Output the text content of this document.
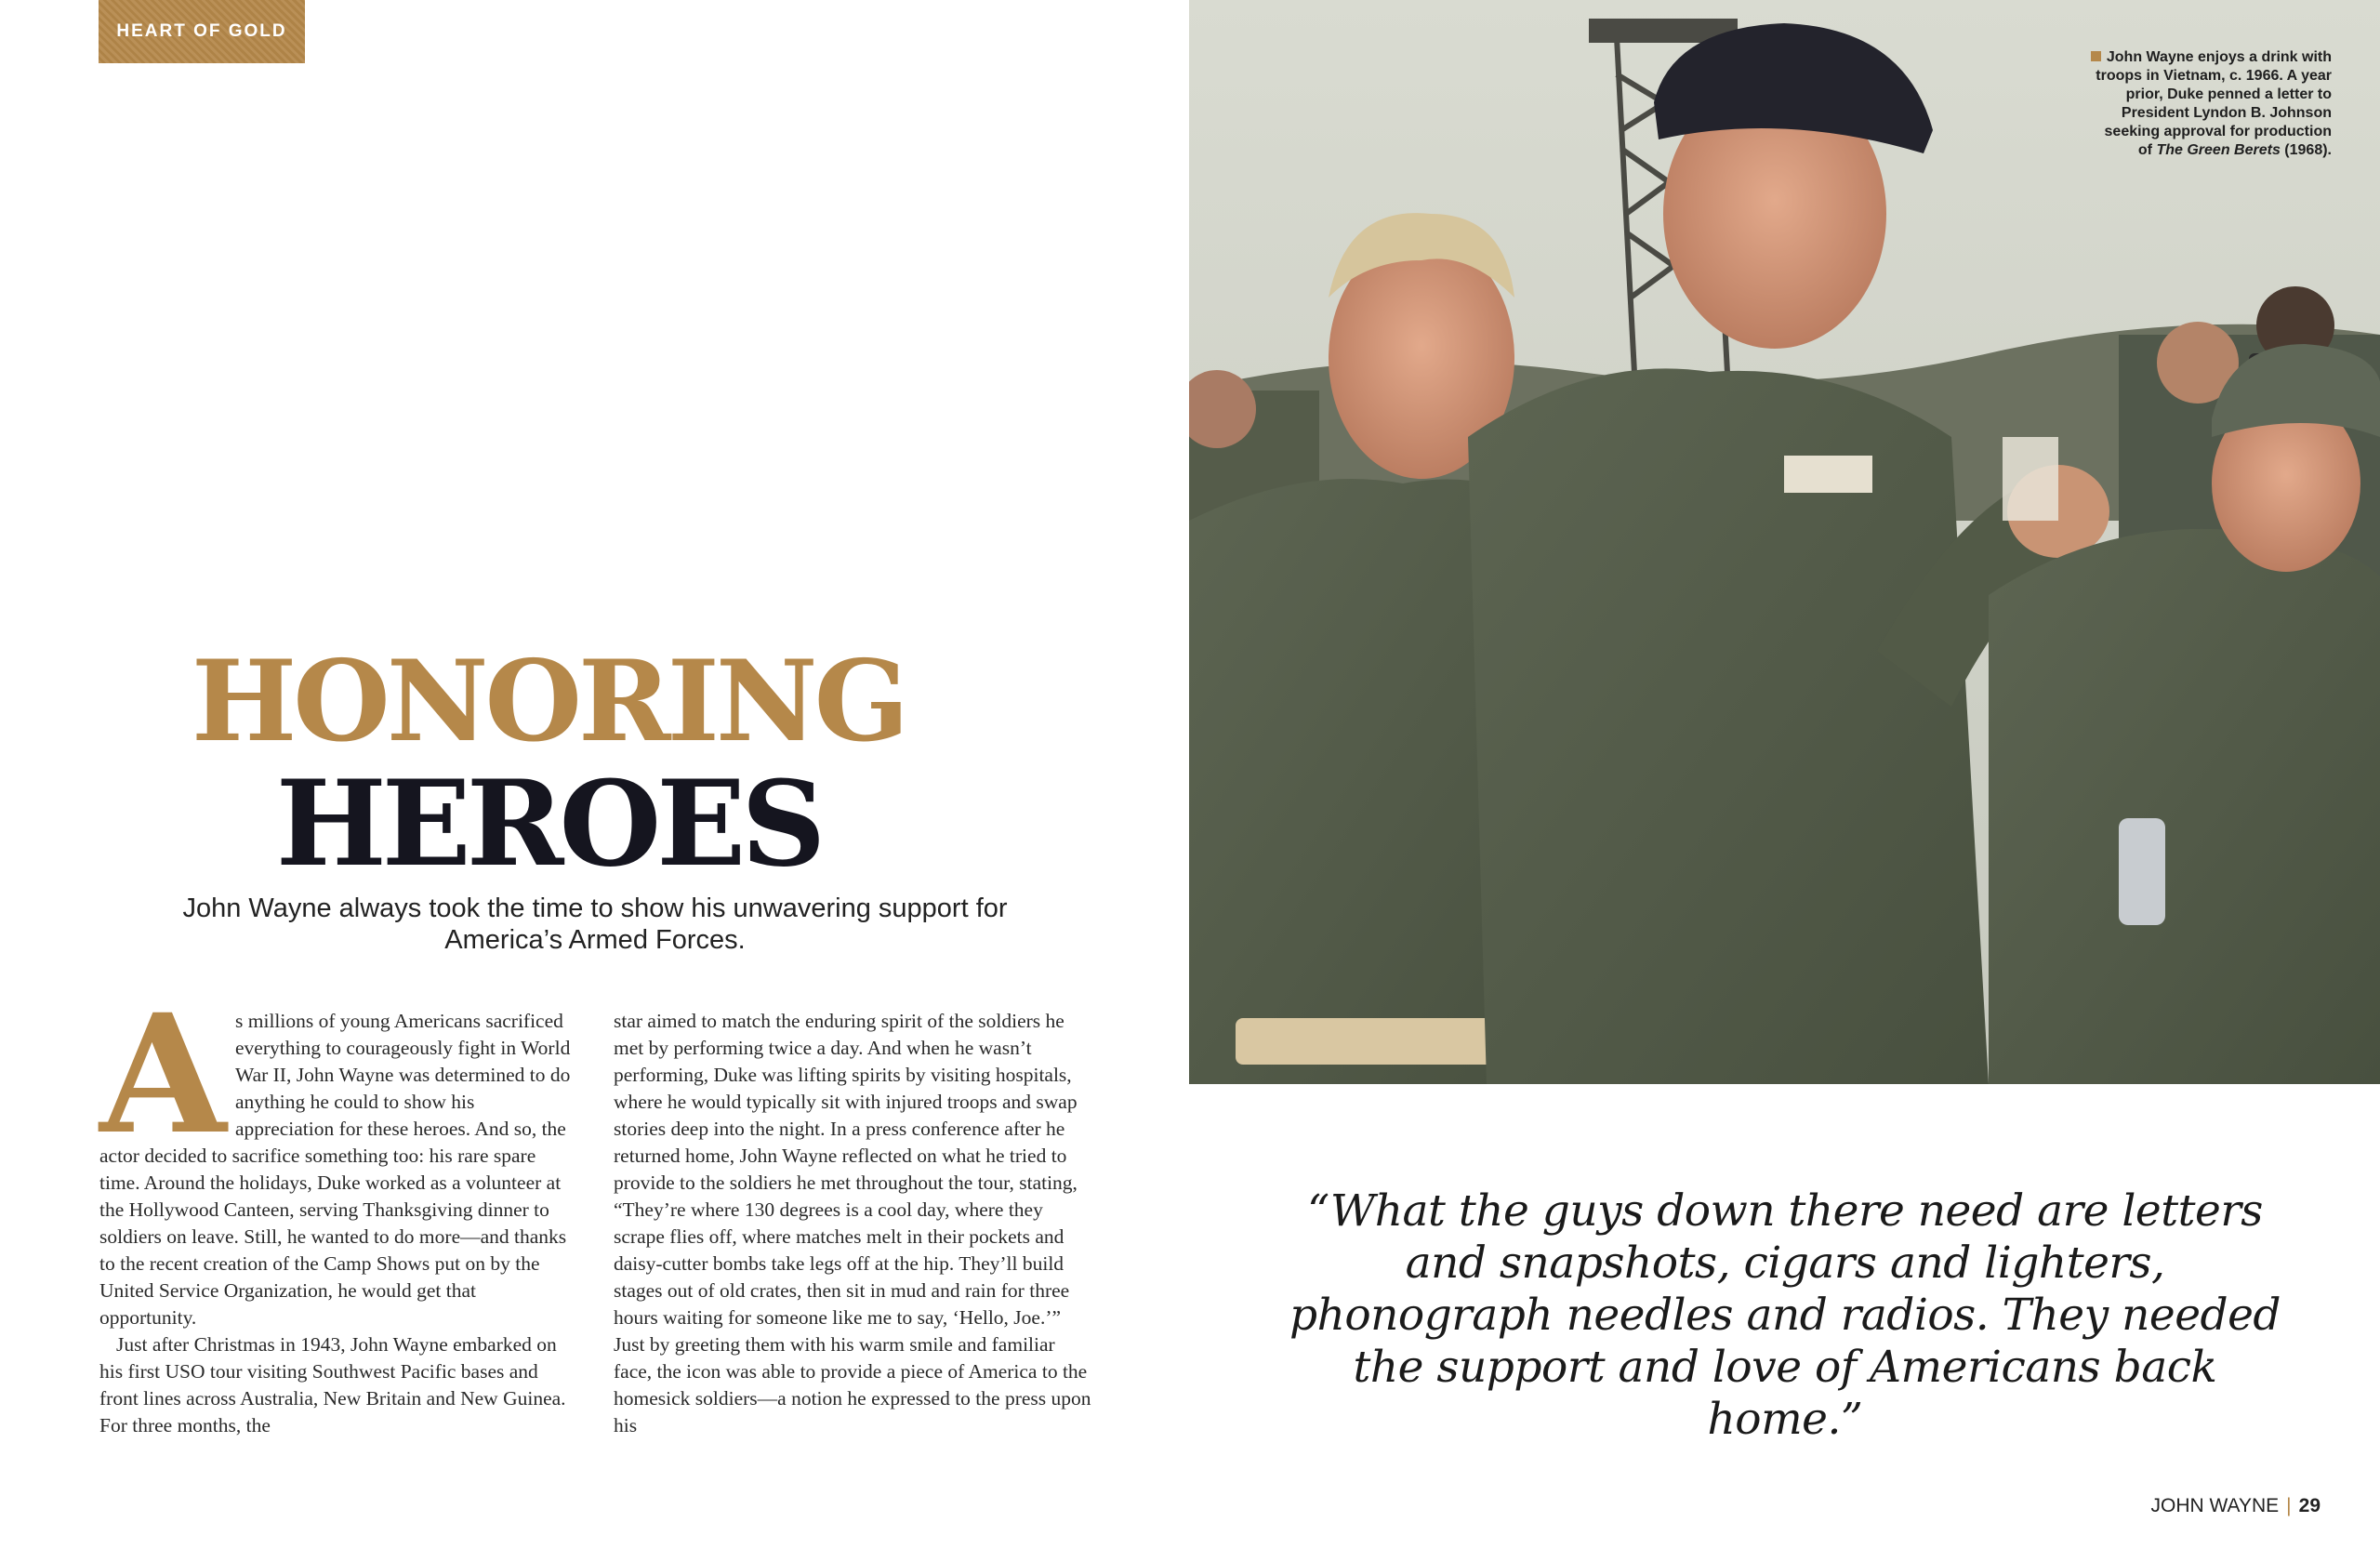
HEART OF GOLD
HONORING
HEROES
John Wayne always took the time to show his unwavering support for America’s Armed Forces.
A s millions of young Americans sacrificed everything to courageously fight in World War II, John Wayne was determined to do anything he could to show his appreciation for these heroes. And so, the actor decided to sacrifice something too: his rare spare time. Around the holidays, Duke worked as a volunteer at the Hollywood Canteen, serving Thanksgiving dinner to soldiers on leave. Still, he wanted to do more—and thanks to the recent creation of the Camp Shows put on by the United Service Organization, he would get that opportunity.

Just after Christmas in 1943, John Wayne embarked on his first USO tour visiting Southwest Pacific bases and front lines across Australia, New Britain and New Guinea. For three months, the

star aimed to match the enduring spirit of the soldiers he met by performing twice a day. And when he wasn’t performing, Duke was lifting spirits by visiting hospitals, where he would typically sit with injured troops and swap stories deep into the night. In a press conference after he returned home, John Wayne reflected on what he tried to provide to the soldiers he met throughout the tour, stating, “They’re where 130 degrees is a cool day, where they scrape flies off, where matches melt in their pockets and daisy-cutter bombs take legs off at the hip. They’ll build stages out of old crates, then sit in mud and rain for three hours waiting for someone like me to say, ‘Hello, Joe.’” Just by greeting them with his warm smile and familiar face, the icon was able to provide a piece of America to the homesick soldiers—a notion he expressed to the press upon his

John Wayne enjoys a drink with troops in Vietnam, c. 1966. A year prior, Duke penned a letter to President Lyndon B. Johnson seeking approval for production of The Green Berets (1968).
“What the guys down there need are letters and snapshots, cigars and lighters, phonograph needles and radios. They needed the support and love of Americans back home.”
JOHN WAYNE | 29
